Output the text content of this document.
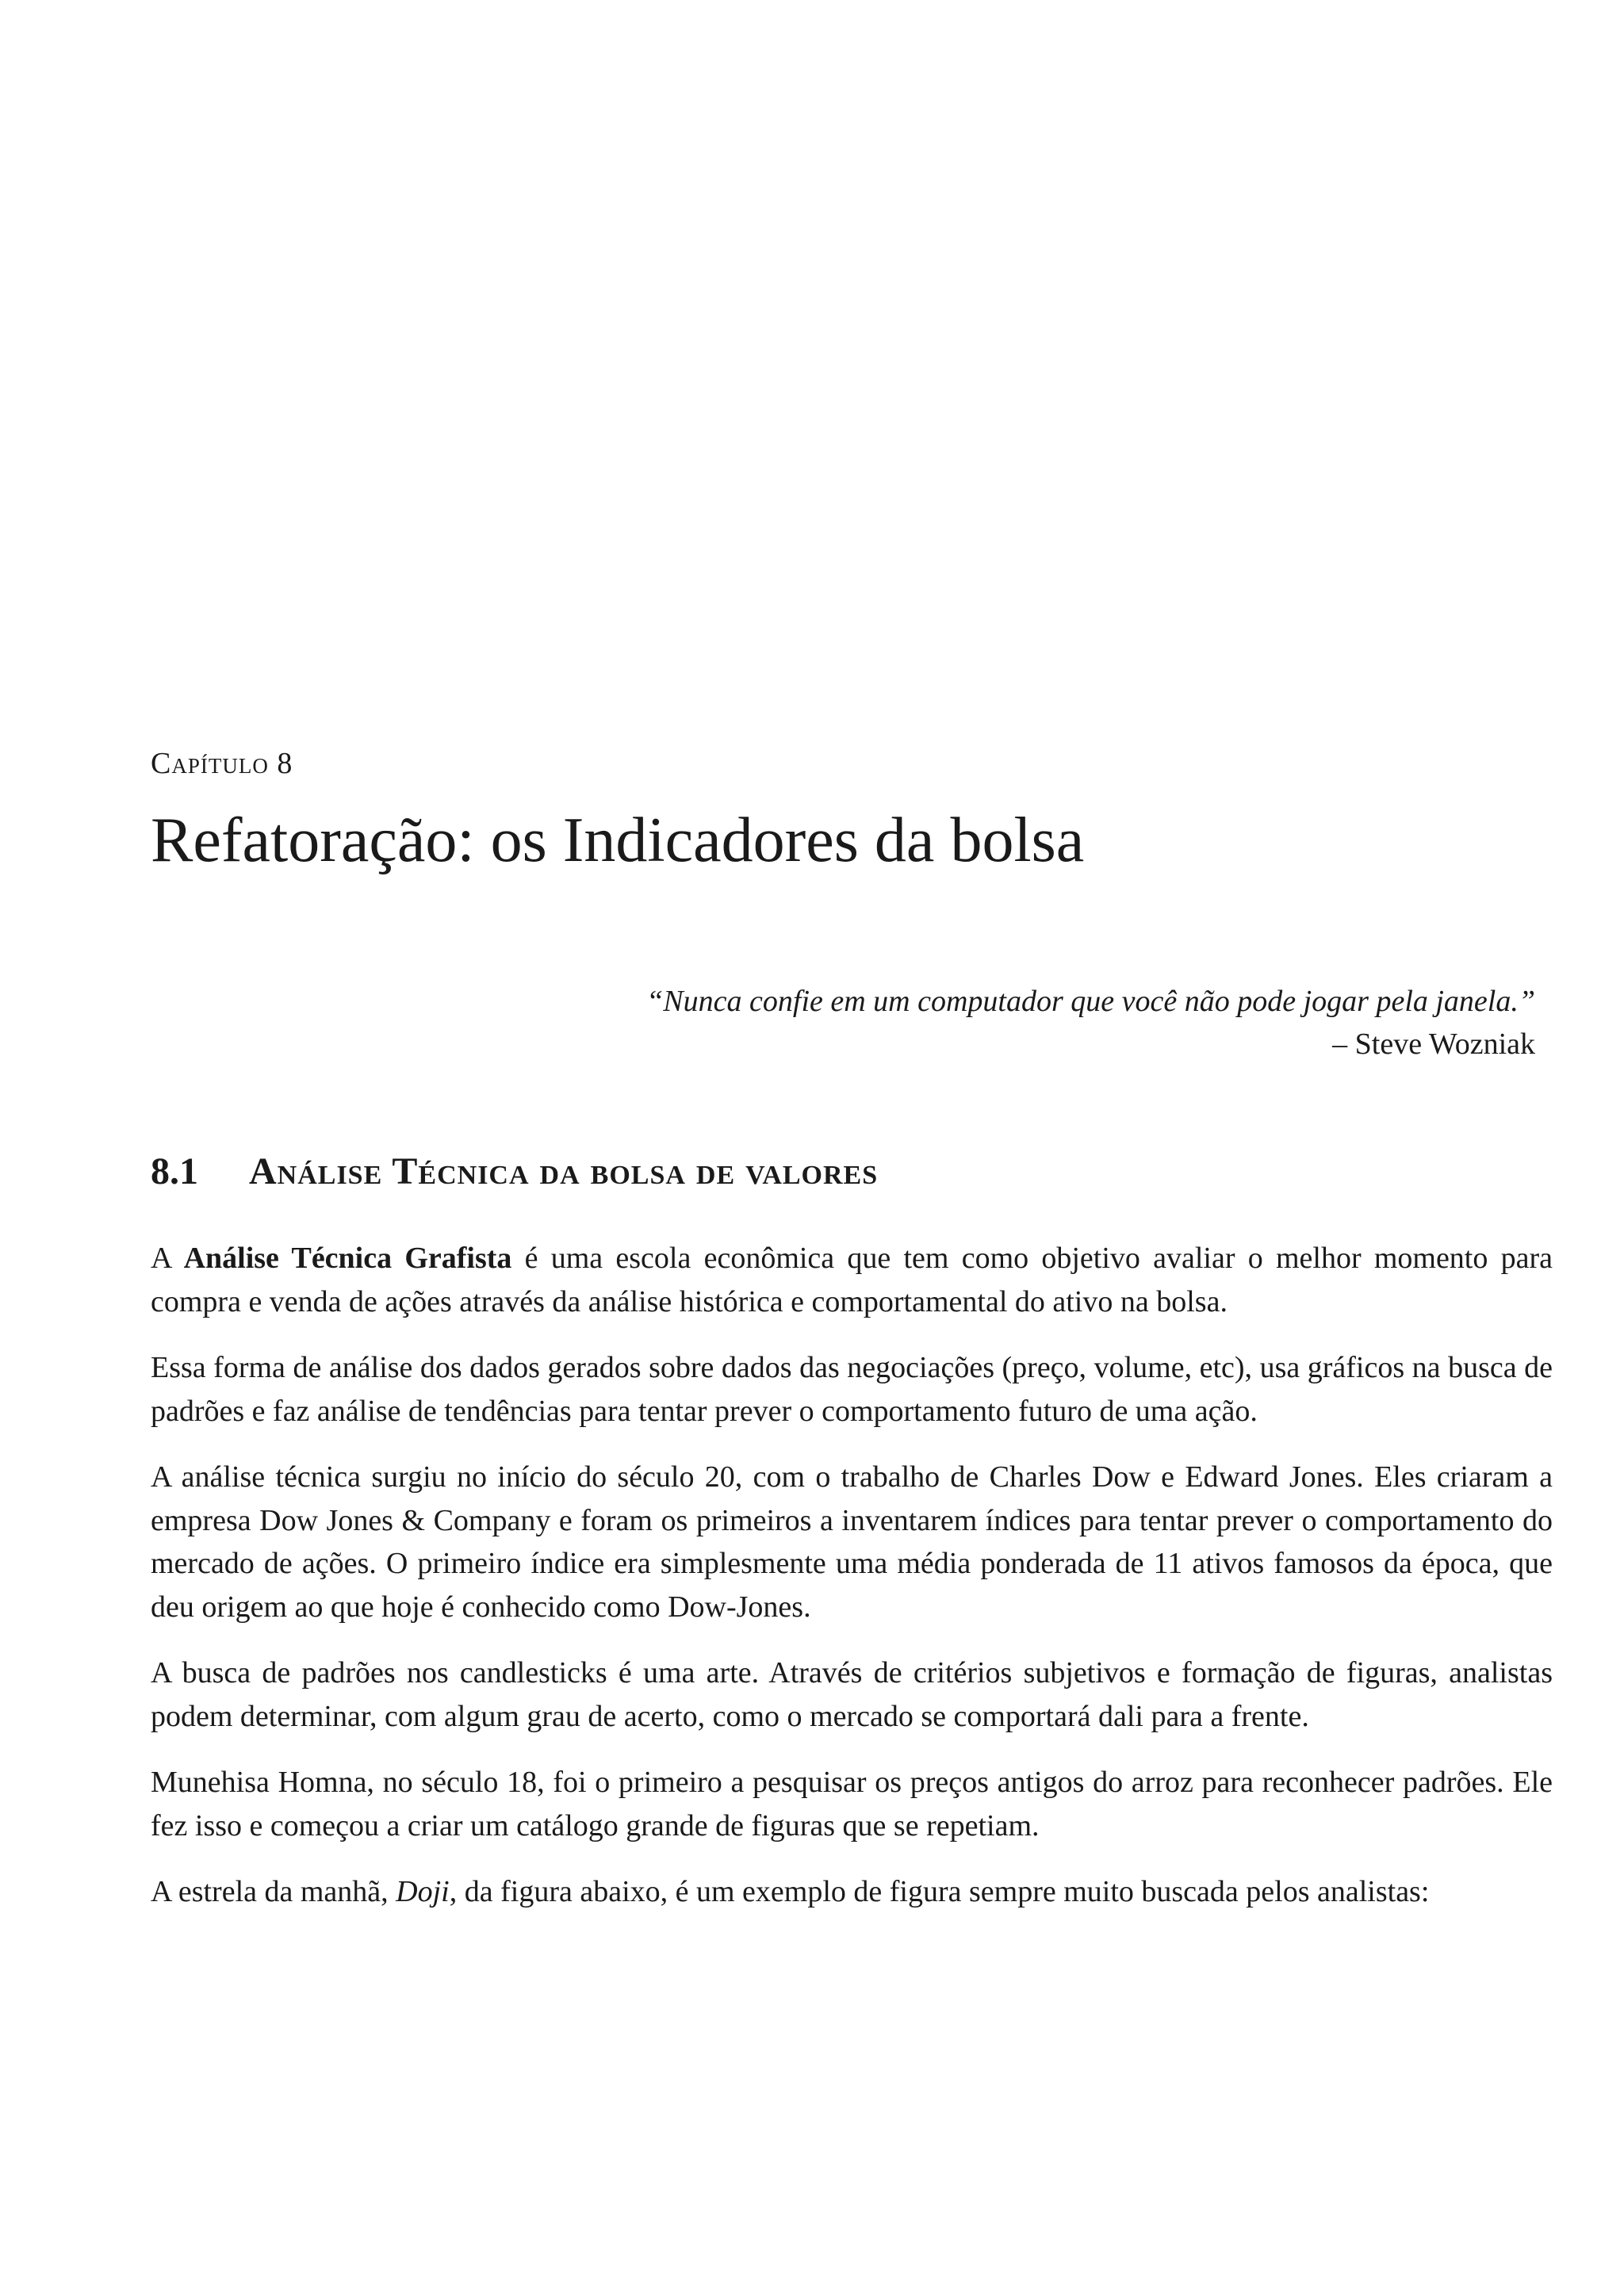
Capítulo 8
Refatoração: os Indicadores da bolsa
“Nunca confie em um computador que você não pode jogar pela janela.”
– Steve Wozniak
8.1 Análise Técnica da bolsa de valores

A Análise Técnica Grafista é uma escola econômica que tem como objetivo avaliar o melhor momento para compra e venda de ações através da análise histórica e comportamental do ativo na bolsa.

Essa forma de análise dos dados gerados sobre dados das negociações (preço, volume, etc), usa gráficos na busca de padrões e faz análise de tendências para tentar prever o comportamento futuro de uma ação.

A análise técnica surgiu no início do século 20, com o trabalho de Charles Dow e Edward Jones. Eles criaram a empresa Dow Jones & Company e foram os primeiros a inventarem índices para tentar prever o comportamento do mercado de ações. O primeiro índice era simplesmente uma média ponderada de 11 ativos famosos da época, que deu origem ao que hoje é conhecido como Dow-Jones.

A busca de padrões nos candlesticks é uma arte. Através de critérios subjetivos e formação de figuras, analistas podem determinar, com algum grau de acerto, como o mercado se comportará dali para a frente.

Munehisa Homna, no século 18, foi o primeiro a pesquisar os preços antigos do arroz para reconhecer padrões. Ele fez isso e começou a criar um catálogo grande de figuras que se repetiam.

A estrela da manhã, Doji, da figura abaixo, é um exemplo de figura sempre muito buscada pelos analistas:
